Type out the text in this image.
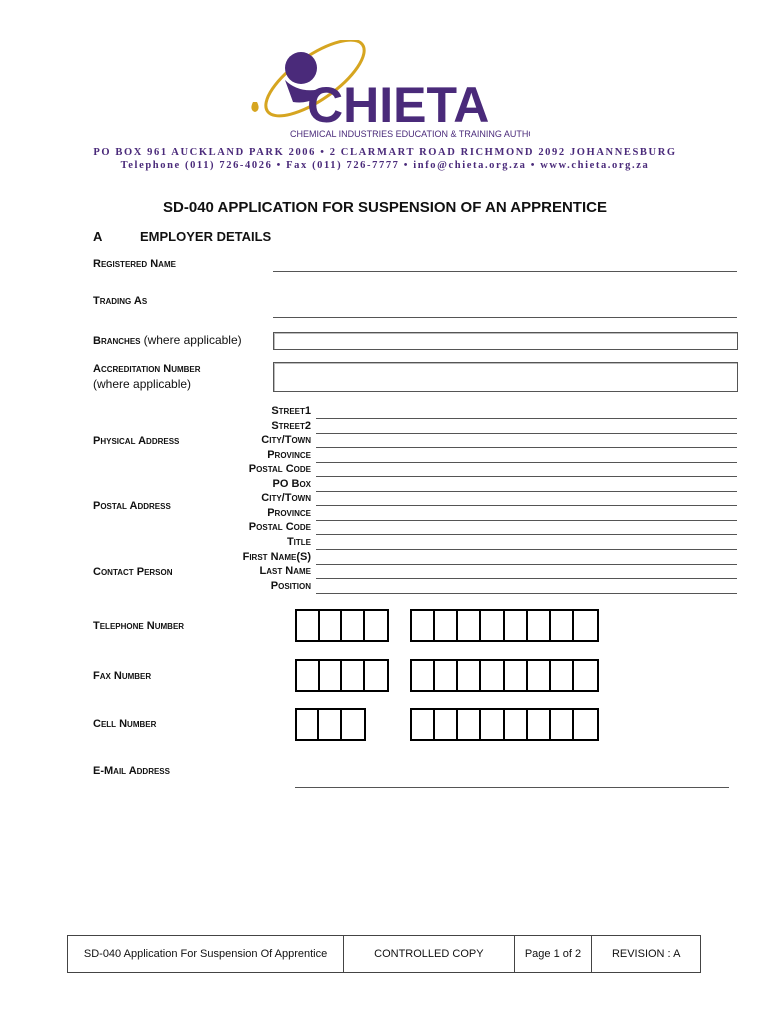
CHIETA
CHEMICAL INDUSTRIES EDUCATION & TRAINING AUTHORITY
PO BOX 961 AUCKLAND PARK 2006 • 2 CLARMART ROAD RICHMOND 2092 JOHANNESBURG
Telephone (011) 726-4026 • Fax (011) 726-7777 • info@chieta.org.za • www.chieta.org.za
SD-040 APPLICATION FOR SUSPENSION OF AN APPRENTICE
A	EMPLOYER DETAILS
Registered Name
Trading As
Branches (where applicable)
Accreditation Number
(where applicable)
Physical Address
Street1
Street2
City/Town
Province
Postal Code
Postal Address
PO Box
City/Town
Province
Postal Code
Contact Person
Title
First Name(S)
Last Name
Position
Telephone Number
Fax Number
Cell Number
E-Mail Address
SD-040 Application For Suspension Of Apprentice	CONTROLLED COPY	Page 1 of 2	REVISION : A
